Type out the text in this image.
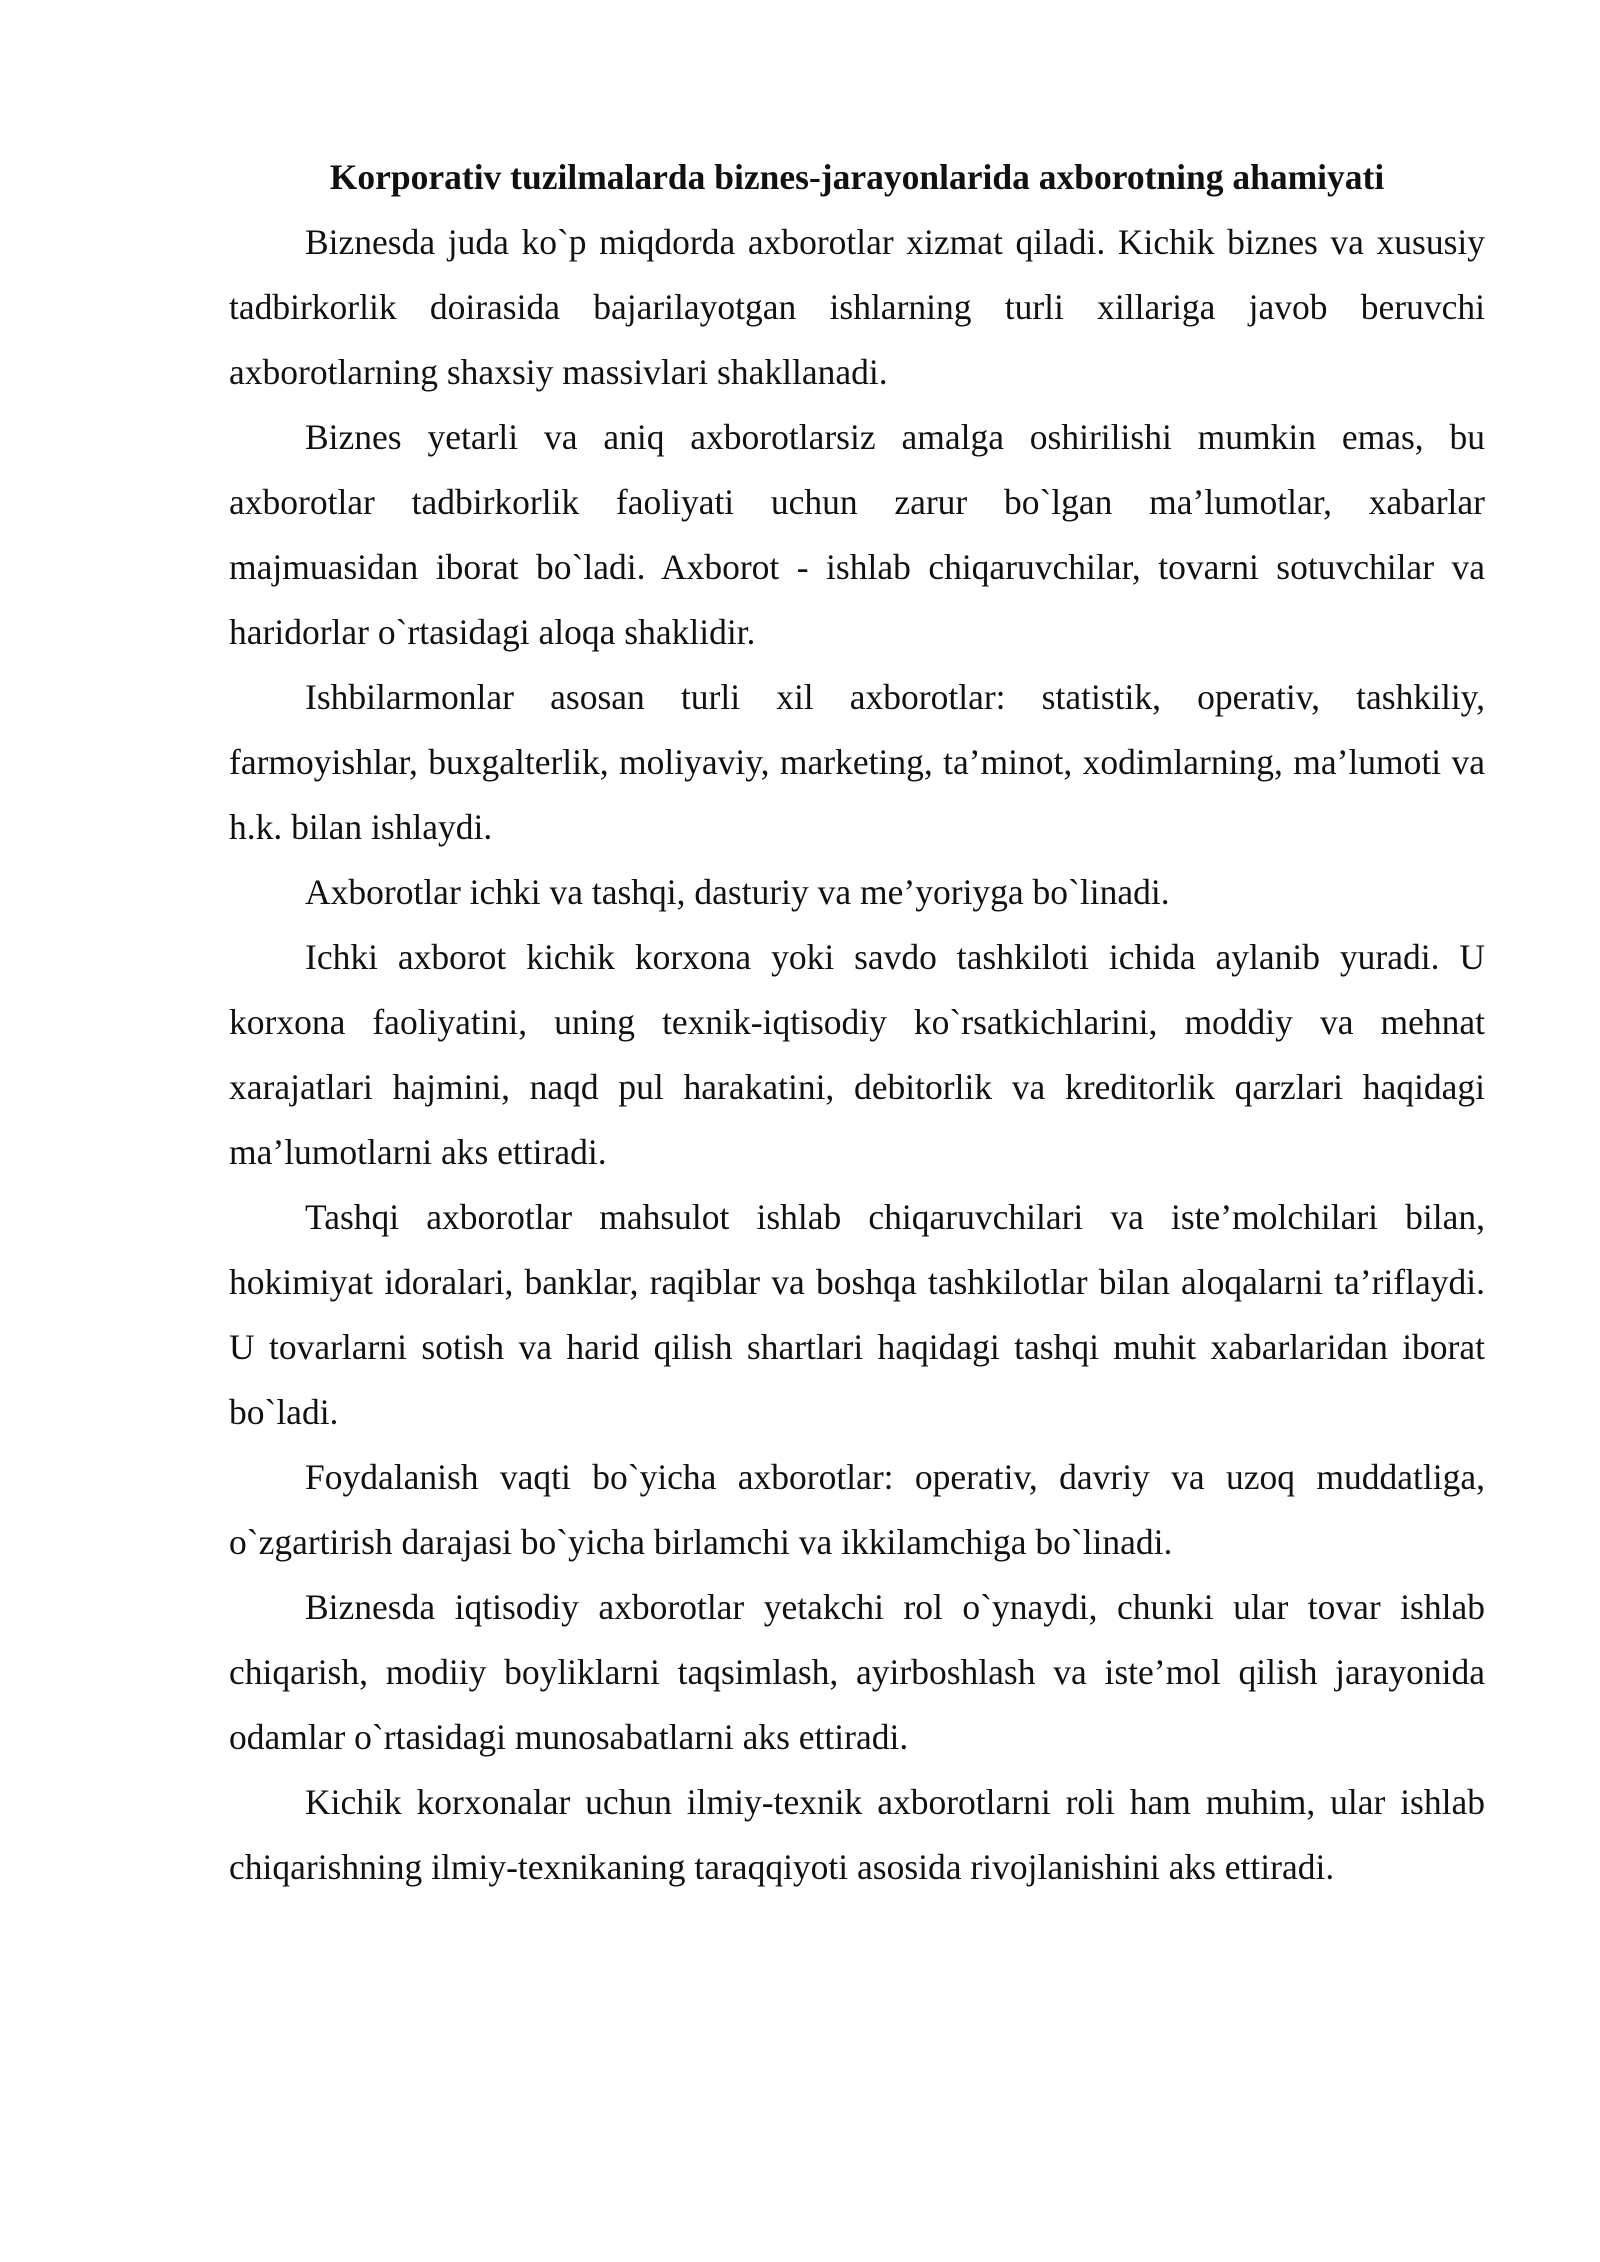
Korporativ tuzilmalarda biznes-jarayonlarida axborotning ahamiyati

Biznesda juda ko`p miqdorda axborotlar xizmat qiladi. Kichik biznes va xususiy tadbirkorlik doirasida bajarilayotgan ishlarning turli xillariga javob beruvchi axborotlarning shaxsiy massivlari shakllanadi.

Biznes yetarli va aniq axborotlarsiz amalga oshirilishi mumkin emas, bu axborotlar tadbirkorlik faoliyati uchun zarur bo`lgan ma’lumotlar, xabarlar majmuasidan iborat bo`ladi. Axborot - ishlab chiqaruvchilar, tovarni sotuvchilar va haridorlar o`rtasidagi aloqa shaklidir.

Ishbilarmonlar asosan turli xil axborotlar: statistik, operativ, tashkiliy, farmoyishlar, buxgalterlik, moliyaviy, marketing, ta’minot, xodimlarning, ma’lumoti va h.k. bilan ishlaydi.

Axborotlar ichki va tashqi, dasturiy va me’yoriyga bo`linadi.

Ichki axborot kichik korxona yoki savdo tashkiloti ichida aylanib yuradi. U korxona faoliyatini, uning texnik-iqtisodiy ko`rsatkichlarini, moddiy va mehnat xarajatlari hajmini, naqd pul harakatini, debitorlik va kreditorlik qarzlari haqidagi ma’lumotlarni aks ettiradi.

Tashqi axborotlar mahsulot ishlab chiqaruvchilari va iste’molchilari bilan, hokimiyat idoralari, banklar, raqiblar va boshqa tashkilotlar bilan aloqalarni ta’riflaydi. U tovarlarni sotish va harid qilish shartlari haqidagi tashqi muhit xabarlaridan iborat bo`ladi.

Foydalanish vaqti bo`yicha axborotlar: operativ, davriy va uzoq muddatliga, o`zgartirish darajasi bo`yicha birlamchi va ikkilamchiga bo`linadi.

Biznesda iqtisodiy axborotlar yetakchi rol o`ynaydi, chunki ular tovar ishlab chiqarish, modiiy boyliklarni taqsimlash, ayirboshlash va iste’mol qilish jarayonida odamlar o`rtasidagi munosabatlarni aks ettiradi.

Kichik korxonalar uchun ilmiy-texnik axborotlarni roli ham muhim, ular ishlab chiqarishning ilmiy-texnikaning taraqqiyoti asosida rivojlanishini aks ettiradi.
